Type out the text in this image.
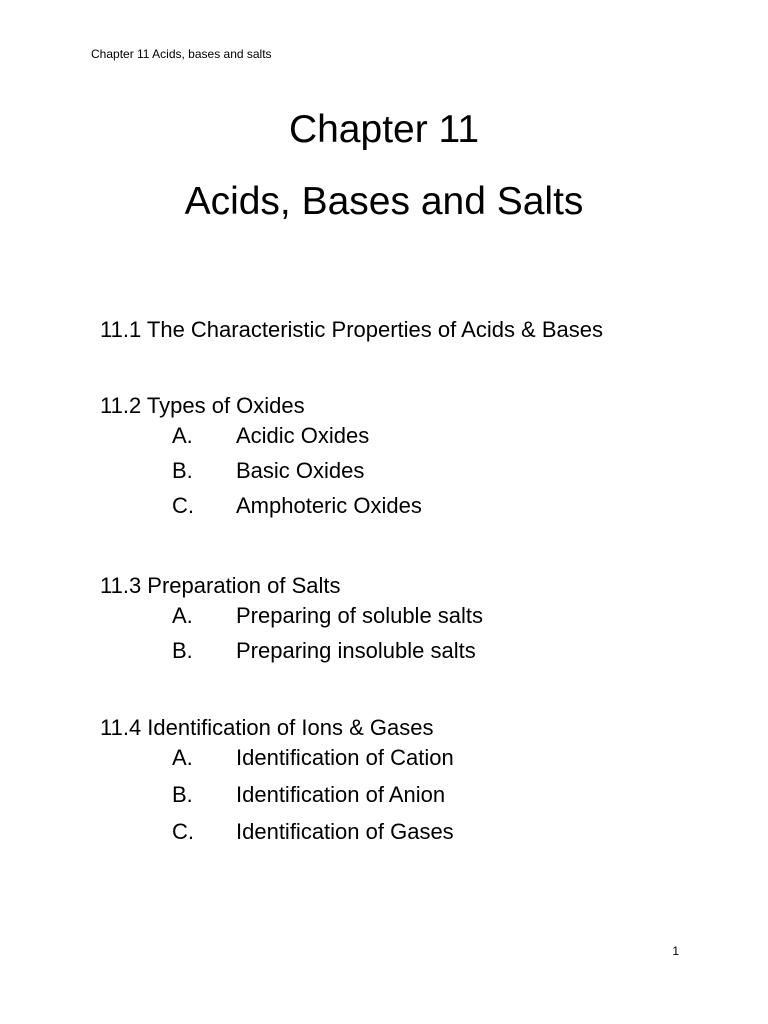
Chapter 11 Acids, bases and salts
Chapter 11
Acids, Bases and Salts
11.1 The Characteristic Properties of Acids & Bases
11.2 Types of Oxides
A. Acidic Oxides
B. Basic Oxides
C. Amphoteric Oxides
11.3 Preparation of Salts
A. Preparing of soluble salts
B. Preparing insoluble salts
11.4 Identification of Ions & Gases
A. Identification of Cation
B. Identification of Anion
C. Identification of Gases
1
